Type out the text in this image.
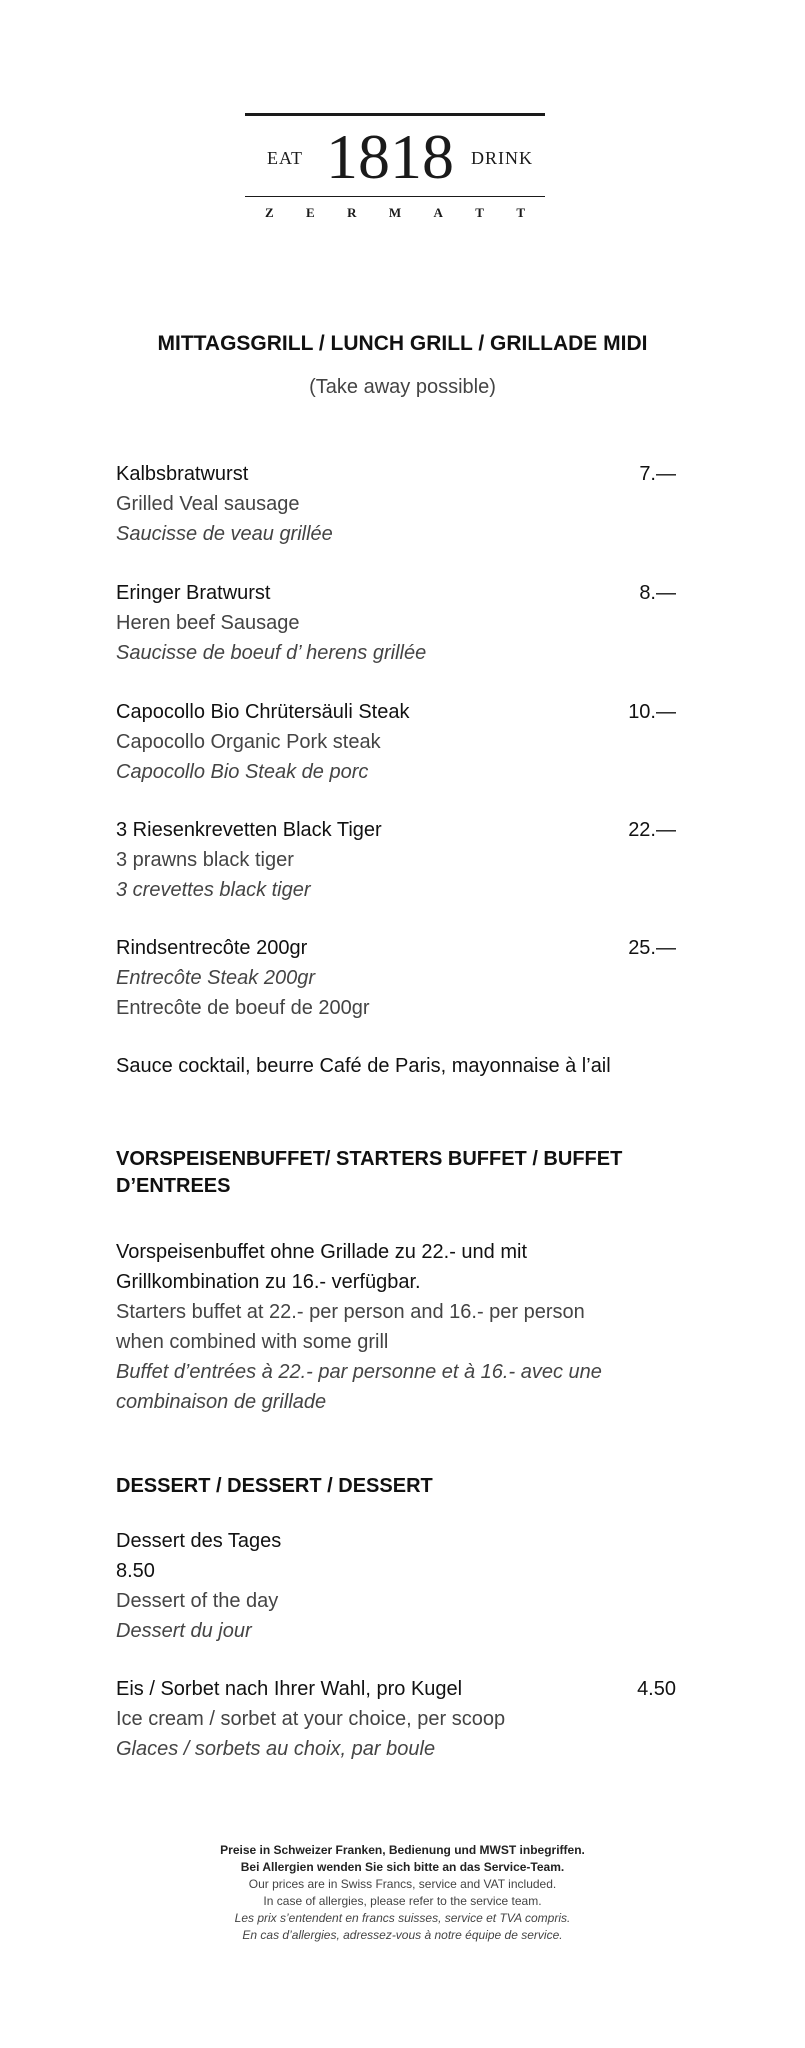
EAT 1818 DRINK
Z E R M A T T
MITTAGSGRILL / LUNCH GRILL / GRILLADE MIDI
(Take away possible)
Kalbsbratwurst	7.—
Grilled Veal sausage
Saucisse de veau grillée
Eringer Bratwurst	8.—
Heren beef Sausage
Saucisse de boeuf d’ herens grillée
Capocollo Bio Chrütersäuli Steak	10.—
Capocollo Organic Pork steak
Capocollo Bio Steak de porc
3 Riesenkrevetten Black Tiger	22.—
3 prawns black tiger
3 crevettes black tiger
Rindsentrecôte 200gr	25.—
Entrecôte Steak 200gr
Entrecôte de boeuf de 200gr
Sauce cocktail, beurre Café de Paris, mayonnaise à l’ail
VORSPEISENBUFFET/ STARTERS BUFFET / BUFFET
D’ENTREES
Vorspeisenbuffet ohne Grillade zu 22.- und mit
Grillkombination zu 16.- verfügbar.
Starters buffet at 22.- per person and 16.- per person
when combined with some grill
Buffet d’entrées à 22.- par personne et à 16.- avec une
combinaison de grillade
DESSERT / DESSERT / DESSERT
Dessert des Tages
8.50
Dessert of the day
Dessert du jour
Eis / Sorbet nach Ihrer Wahl, pro Kugel	4.50
Ice cream / sorbet at your choice, per scoop
Glaces / sorbets au choix, par boule
Preise in Schweizer Franken, Bedienung und MWST inbegriffen.
Bei Allergien wenden Sie sich bitte an das Service-Team.
Our prices are in Swiss Francs, service and VAT included.
In case of allergies, please refer to the service team.
Les prix s’entendent en francs suisses, service et TVA compris.
En cas d’allergies, adressez-vous à notre équipe de service.
